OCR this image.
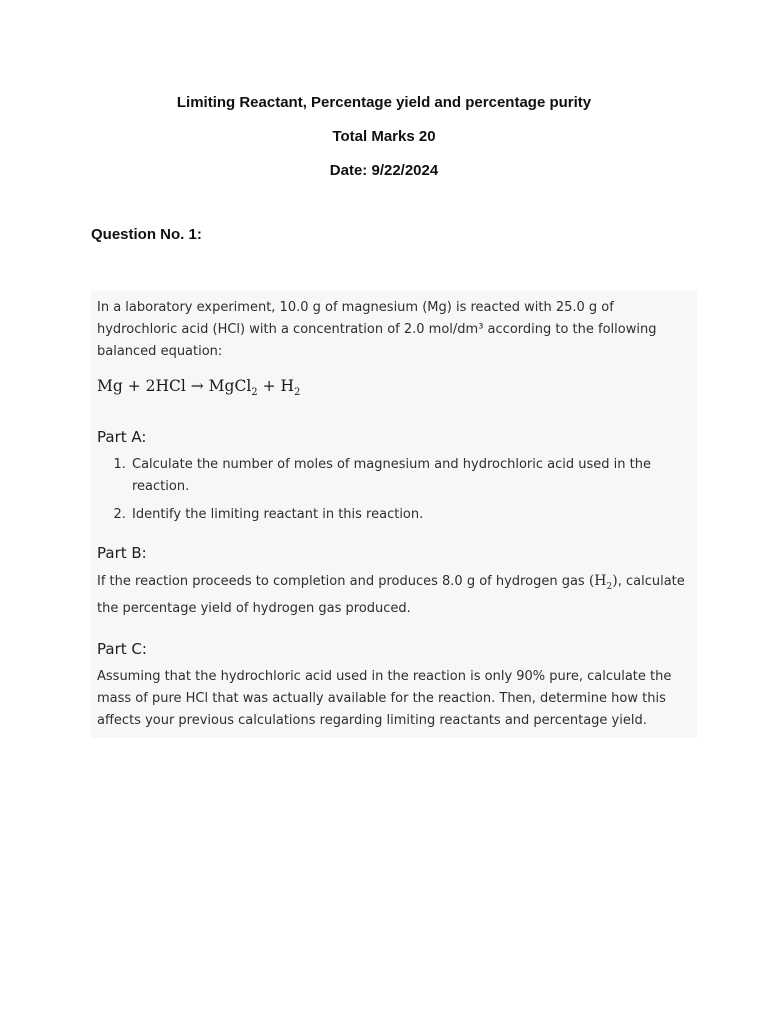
Limiting Reactant, Percentage yield and percentage purity
Total Marks 20
Date: 9/22/2024
Question No. 1:

In a laboratory experiment, 10.0 g of magnesium (Mg) is reacted with 25.0 g of hydrochloric acid (HCl) with a concentration of 2.0 mol/dm³ according to the following balanced equation:

Mg + 2HCl → MgCl$_2$ + $H_2$
Part A:
1. Calculate the number of moles of magnesium and hydrochloric acid used in the reaction.
2. Identify the limiting reactant in this reaction.
Part B:

If the reaction proceeds to completion and produces 8.0 g of hydrogen gas $(H_2)$, calculate the percentage yield of hydrogen gas produced.

Part C:

Assuming that the hydrochloric acid used in the reaction is only 90% pure, calculate the mass of pure HCl that was actually available for the reaction. Then, determine how this affects your previous calculations regarding limiting reactants and percentage yield.
